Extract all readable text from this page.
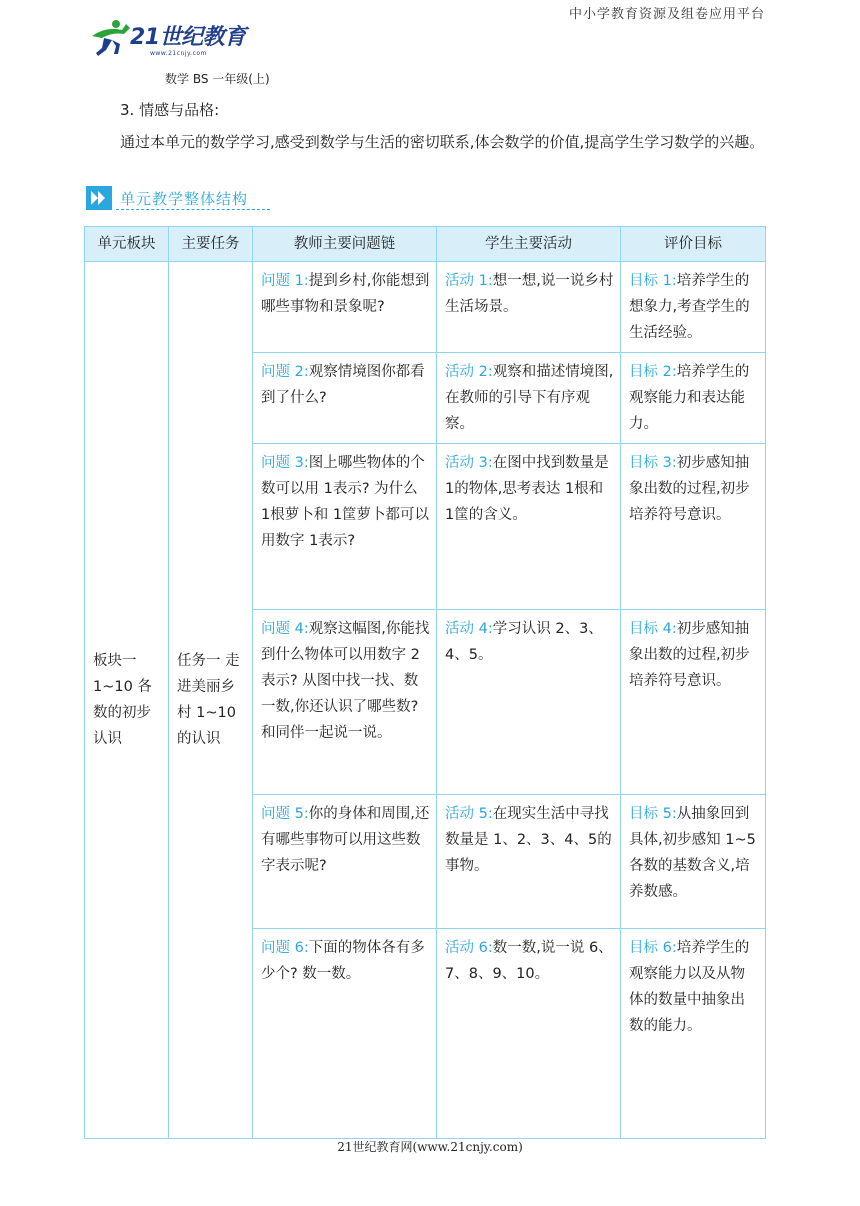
中小学教育资源及组卷应用平台
21世纪教育
www.21cnjy.com
数学 BS 一年级(上)
3. 情感与品格:
通过本单元的数学学习,感受到数学与生活的密切联系,体会数学的价值,提高学生学习数学的兴趣。
单元教学整体结构
单元板块	主要任务	教师主要问题链	学生主要活动	评价目标
板块一 1~10 各数的初步认识	任务一 走进美丽乡村 1~10 的认识	问题 1:提到乡村,你能想到哪些事物和景象呢?	活动 1:想一想,说一说乡村生活场景。	目标 1:培养学生的想象力,考查学生的生活经验。
		问题 2:观察情境图你都看到了什么?	活动 2:观察和描述情境图,在教师的引导下有序观察。	目标 2:培养学生的观察能力和表达能力。
		问题 3:图上哪些物体的个数可以用 1表示? 为什么 1根萝卜和 1筐萝卜都可以用数字 1表示?	活动 3:在图中找到数量是 1的物体,思考表达 1根和 1筐的含义。	目标 3:初步感知抽象出数的过程,初步培养符号意识。
		问题 4:观察这幅图,你能找到什么物体可以用数字 2表示? 从图中找一找、数一数,你还认识了哪些数? 和同伴一起说一说。	活动 4:学习认识 2、3、4、5。	目标 4:初步感知抽象出数的过程,初步培养符号意识。
		问题 5:你的身体和周围,还有哪些事物可以用这些数字表示呢?	活动 5:在现实生活中寻找数量是 1、2、3、4、5的事物。	目标 5:从抽象回到具体,初步感知 1~5各数的基数含义,培养数感。
		问题 6:下面的物体各有多少个? 数一数。	活动 6:数一数,说一说 6、7、8、9、10。	目标 6:培养学生的观察能力以及从物体的数量中抽象出数的能力。
21世纪教育网(www.21cnjy.com)
